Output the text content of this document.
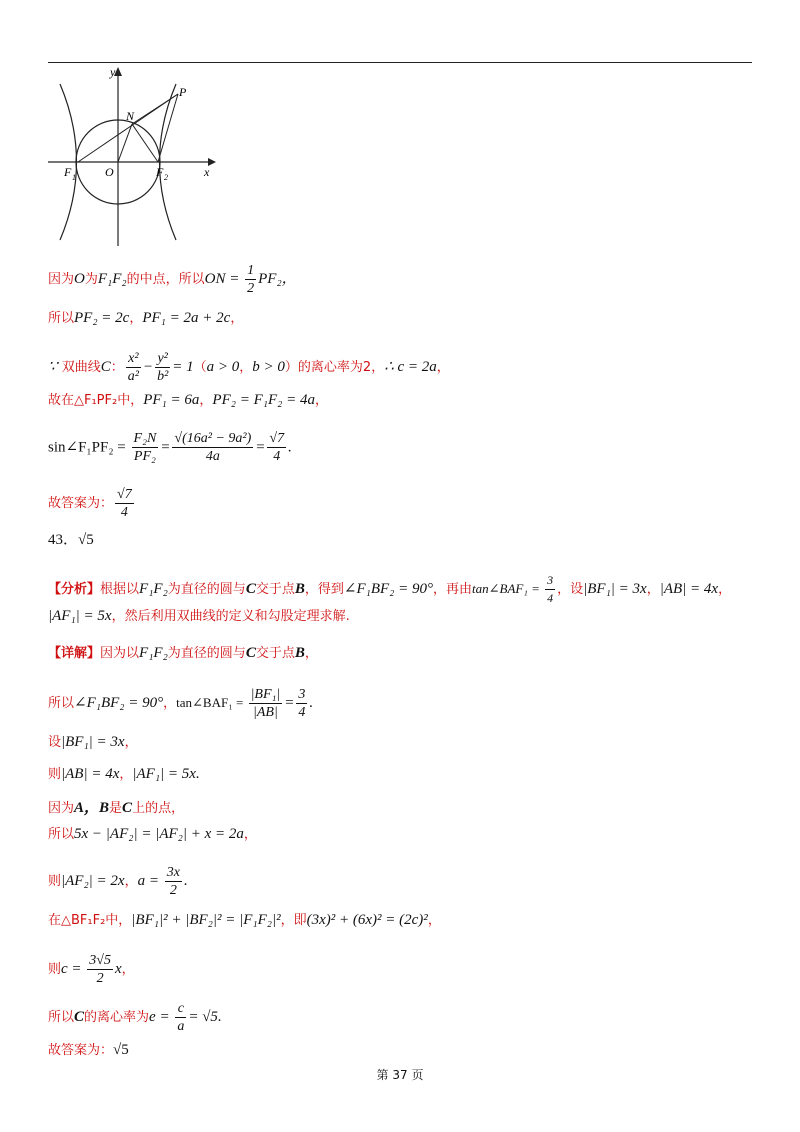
y
x
P
N
O
F 1	F 2
因为O为F₁F₂的中点，所以ON = $\frac{1}{2} PF_2$，
所以PF₂ = 2c，PF₁ = 2a + 2c，
∵ 双曲线C： $\frac{\text{x²}}{\text{a²}} - \frac{\text{y²}}{\text{b²}} = 1(a > 0$，b > 0）的离心率为2，∴ c = 2a，
故在△F₁PF₂中，PF₁ = 6a，PF₂ = F₁F₂ = 4a，
sin∠F₁PF₂ = $\frac{\text{F₂N}}{\text{PF₂}} = \frac{\text{√(16a² − 9a²)}}{4a} = \frac{√7}{4}$ .
故答案为： $\frac{√7}{4}$
43．√5
【分析】根据以F₁F₂为直径的圆与C交于点B，得到∠F₁BF₂ = 90°，再由tan∠BAF₁ = $\frac{3}{4}$ ，设|BF₁| = 3x，|AB| = 4x，
|AF₁| = 5x，然后利用双曲线的定义和勾股定理求解.
【详解】因为以F₁F₂为直径的圆与C交于点B，
所以∠F₁BF₂ = 90°，tan∠BAF₁ = $\frac{\text{|BF₁|}}{|AB|} = \frac{3}{4}$ .
设|BF₁| = 3x，
则|AB| = 4x，|AF₁| = 5x.
因为A，B是C上的点，
所以5x − |AF₂| = |AF₂| + x = 2a，
则|AF₂| = 2x，$a = \frac{3x}{2}$ .
在△BF₁F₂中，|BF₁|² + |BF₂|² = |F₁F₂|²，即(3x)² + (6x)² = (2c)²，
则$c = \frac{3√5}{2}$ x，
所以C的离心率为$e = \frac{c}{a} = √5$.
故答案为：√5
第 37 页
